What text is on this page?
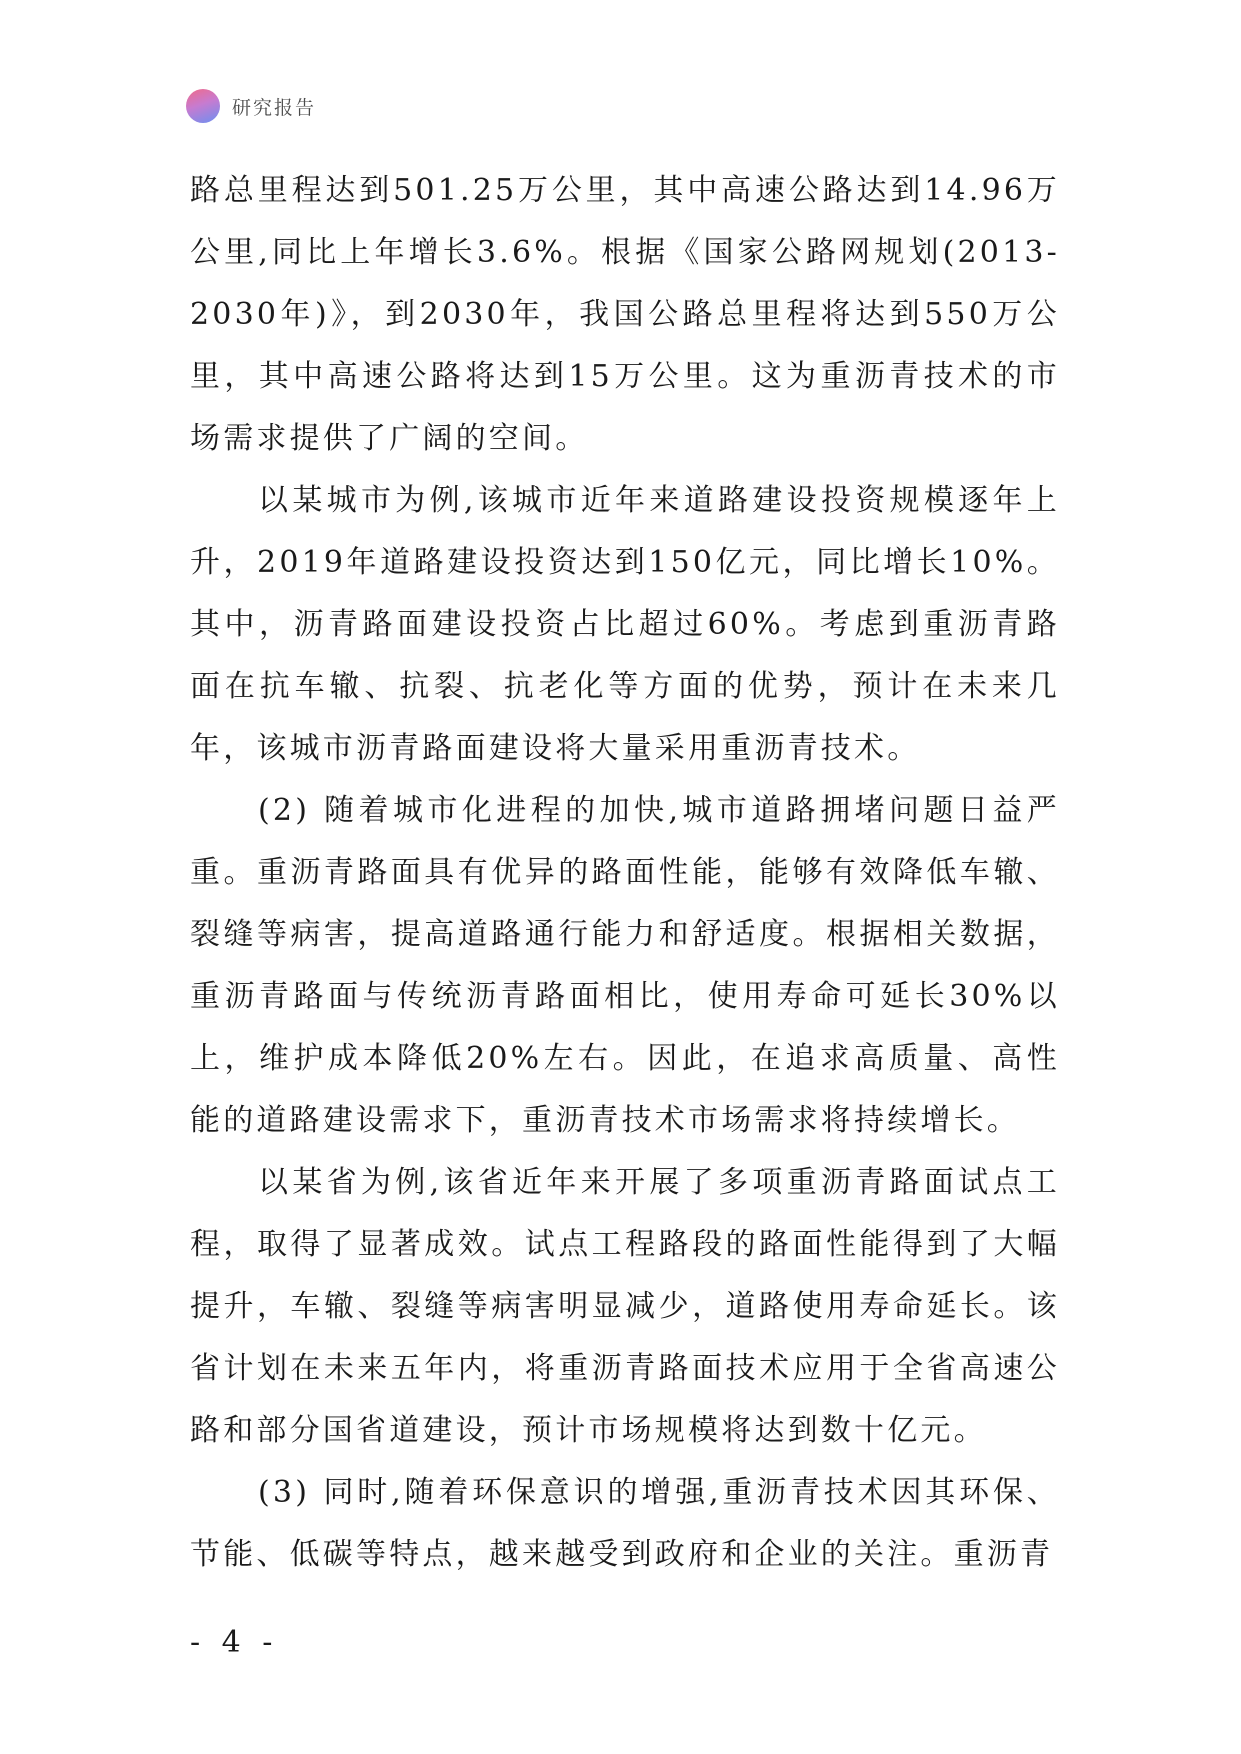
研究报告

路总里程达到501.25万公里，其中高速公路达到14.96万公里,同比上年增长3.6%。根据《国家公路网规划(2013-2030年)》，到2030年，我国公路总里程将达到550万公里，其中高速公路将达到15万公里。这为重沥青技术的市场需求提供了广阔的空间。

以某城市为例,该城市近年来道路建设投资规模逐年上升，2019年道路建设投资达到150亿元，同比增长10%。其中，沥青路面建设投资占比超过60%。考虑到重沥青路面在抗车辙、抗裂、抗老化等方面的优势，预计在未来几年，该城市沥青路面建设将大量采用重沥青技术。

(2) 随着城市化进程的加快,城市道路拥堵问题日益严重。重沥青路面具有优异的路面性能，能够有效降低车辙、裂缝等病害，提高道路通行能力和舒适度。根据相关数据，重沥青路面与传统沥青路面相比，使用寿命可延长30%以上，维护成本降低20%左右。因此，在追求高质量、高性能的道路建设需求下，重沥青技术市场需求将持续增长。

以某省为例,该省近年来开展了多项重沥青路面试点工程，取得了显著成效。试点工程路段的路面性能得到了大幅提升，车辙、裂缝等病害明显减少，道路使用寿命延长。该省计划在未来五年内，将重沥青路面技术应用于全省高速公路和部分国省道建设，预计市场规模将达到数十亿元。

(3) 同时,随着环保意识的增强,重沥青技术因其环保、节能、低碳等特点，越来越受到政府和企业的关注。重沥青

- 4 -
